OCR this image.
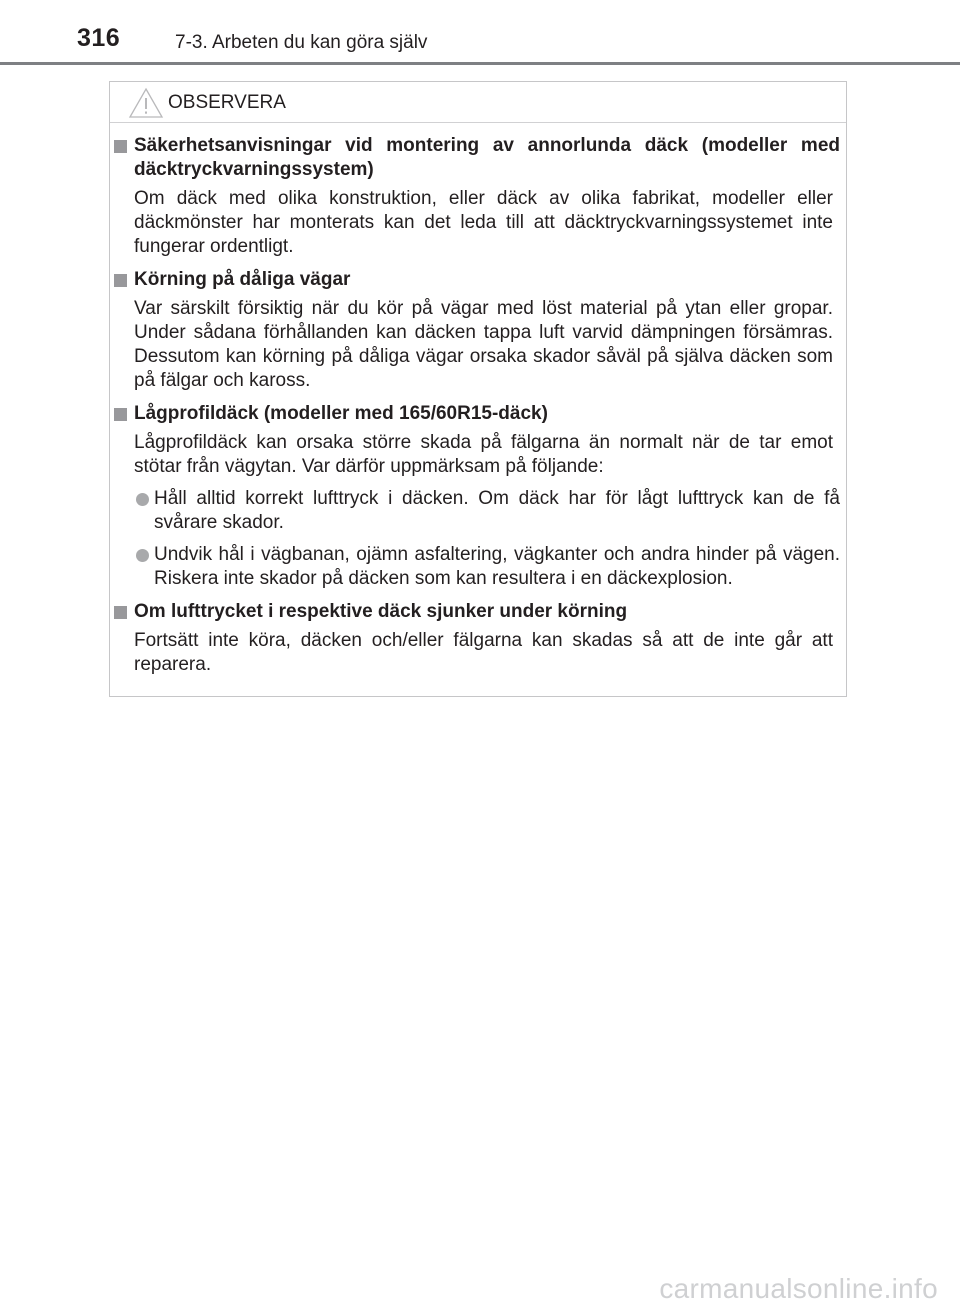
316	7-3. Arbeten du kan göra själv
OBSERVERA
Säkerhetsanvisningar vid montering av annorlunda däck (modeller med däcktryckvarningssystem)
Om däck med olika konstruktion, eller däck av olika fabrikat, modeller eller däckmönster har monterats kan det leda till att däcktryckvarningssystemet inte fungerar ordentligt.
Körning på dåliga vägar
Var särskilt försiktig när du kör på vägar med löst material på ytan eller gropar. Under sådana förhållanden kan däcken tappa luft varvid dämpningen försämras. Dessutom kan körning på dåliga vägar orsaka skador såväl på själva däcken som på fälgar och kaross.
Lågprofildäck (modeller med 165/60R15-däck)
Lågprofildäck kan orsaka större skada på fälgarna än normalt när de tar emot stötar från vägytan. Var därför uppmärksam på följande:
Håll alltid korrekt lufttryck i däcken. Om däck har för lågt lufttryck kan de få svårare skador.
Undvik hål i vägbanan, ojämn asfaltering, vägkanter och andra hinder på vägen. Riskera inte skador på däcken som kan resultera i en däckexplosion.
Om lufttrycket i respektive däck sjunker under körning
Fortsätt inte köra, däcken och/eller fälgarna kan skadas så att de inte går att reparera.
carmanualsonline.info
